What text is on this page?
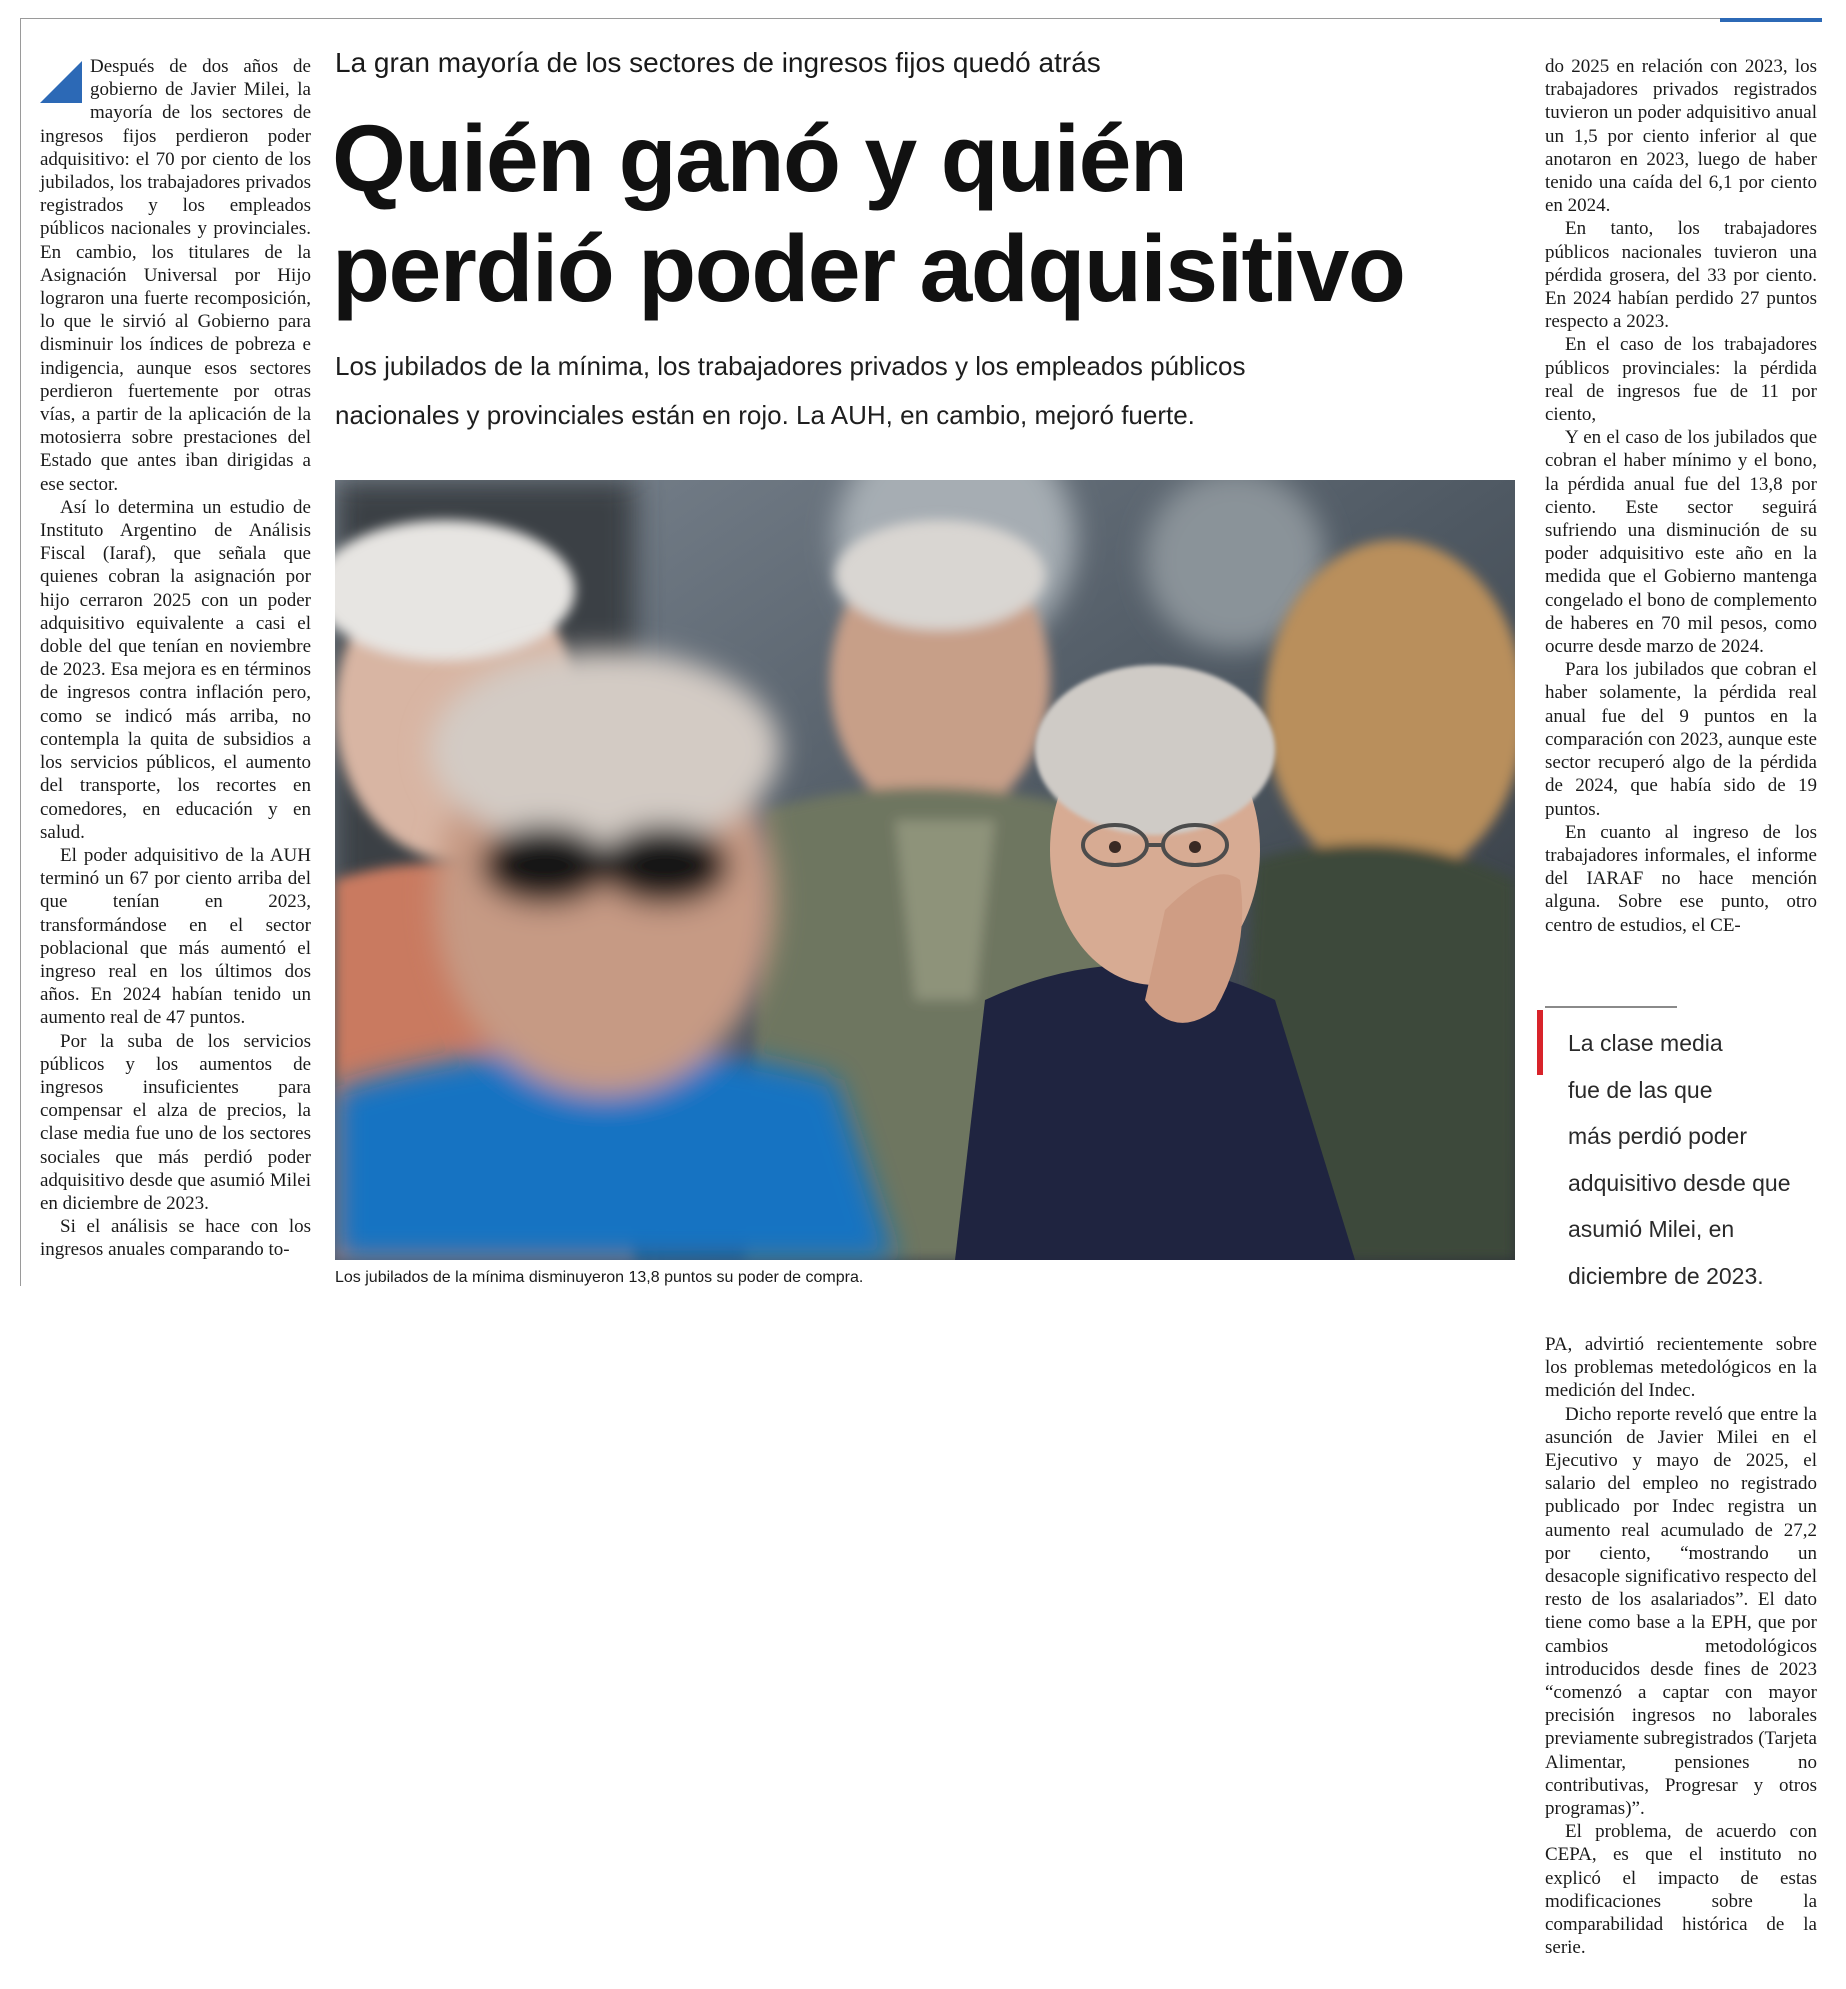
Después de dos años de gobierno de Javier Milei, la mayoría de los sectores de ingresos fijos perdieron poder adquisitivo: el 70 por ciento de los jubilados, los trabajadores privados registrados y los empleados públicos nacionales y provinciales. En cambio, los titulares de la Asignación Universal por Hijo lograron una fuerte recomposición, lo que le sirvió al Gobierno para disminuir los índices de pobreza e indigencia, aunque esos sectores perdieron fuertemente por otras vías, a partir de la aplicación de la motosierra sobre prestaciones del Estado que antes iban dirigidas a ese sector.

Así lo determina un estudio de Instituto Argentino de Análisis Fiscal (Iaraf), que señala que quienes cobran la asignación por hijo cerraron 2025 con un poder adquisitivo equivalente a casi el doble del que tenían en noviembre de 2023. Esa mejora es en términos de ingresos contra inflación pero, como se indicó más arriba, no contempla la quita de subsidios a los servicios públicos, el aumento del transporte, los recortes en comedores, en educación y en salud.

El poder adquisitivo de la AUH terminó un 67 por ciento arriba del que tenían en 2023, transformándose en el sector poblacional que más aumentó el ingreso real en los últimos dos años. En 2024 habían tenido un aumento real de 47 puntos.

Por la suba de los servicios públicos y los aumentos de ingresos insuficientes para compensar el alza de precios, la clase media fue uno de los sectores sociales que más perdió poder adquisitivo desde que asumió Milei en diciembre de 2023.

Si el análisis se hace con los ingresos anuales comparando to-

La gran mayoría de los sectores de ingresos fijos quedó atrás
Quién ganó y quién
perdió poder adquisitivo
Los jubilados de la mínima, los trabajadores privados y los empleados públicos
nacionales y provinciales están en rojo. La AUH, en cambio, mejoró fuerte.
Los jubilados de la mínima disminuyeron 13,8 puntos su poder de compra.

do 2025 en relación con 2023, los trabajadores privados registrados tuvieron un poder adquisitivo anual un 1,5 por ciento inferior al que anotaron en 2023, luego de haber tenido una caída del 6,1 por ciento en 2024.

En tanto, los trabajadores públicos nacionales tuvieron una pérdida grosera, del 33 por ciento. En 2024 habían perdido 27 puntos respecto a 2023.

En el caso de los trabajadores públicos provinciales: la pérdida real de ingresos fue de 11 por ciento,

Y en el caso de los jubilados que cobran el haber mínimo y el bono, la pérdida anual fue del 13,8 por ciento. Este sector seguirá sufriendo una disminución de su poder adquisitivo este año en la medida que el Gobierno mantenga congelado el bono de complemento de haberes en 70 mil pesos, como ocurre desde marzo de 2024.

Para los jubilados que cobran el haber solamente, la pérdida real anual fue del 9 puntos en la comparación con 2023, aunque este sector recuperó algo de la pérdida de 2024, que había sido de 19 puntos.

En cuanto al ingreso de los trabajadores informales, el informe del IARAF no hace mención alguna. Sobre ese punto, otro centro de estudios, el CE-

La clase media
fue de las que
más perdió poder
adquisitivo desde que
asumió Milei, en
diciembre de 2023.

PA, advirtió recientemente sobre los problemas metedológicos en la medición del Indec.

Dicho reporte reveló que entre la asunción de Javier Milei en el Ejecutivo y mayo de 2025, el salario del empleo no registrado publicado por Indec registra un aumento real acumulado de 27,2 por ciento, “mostrando un desacople significativo respecto del resto de los asalariados”. El dato tiene como base a la EPH, que por cambios metodológicos introducidos desde fines de 2023 “comenzó a captar con mayor precisión ingresos no laborales previamente subregistrados (Tarjeta Alimentar, pensiones no contributivas, Progresar y otros programas)”.

El problema, de acuerdo con CEPA, es que el instituto no explicó el impacto de estas modificaciones sobre la comparabilidad histórica de la serie.
